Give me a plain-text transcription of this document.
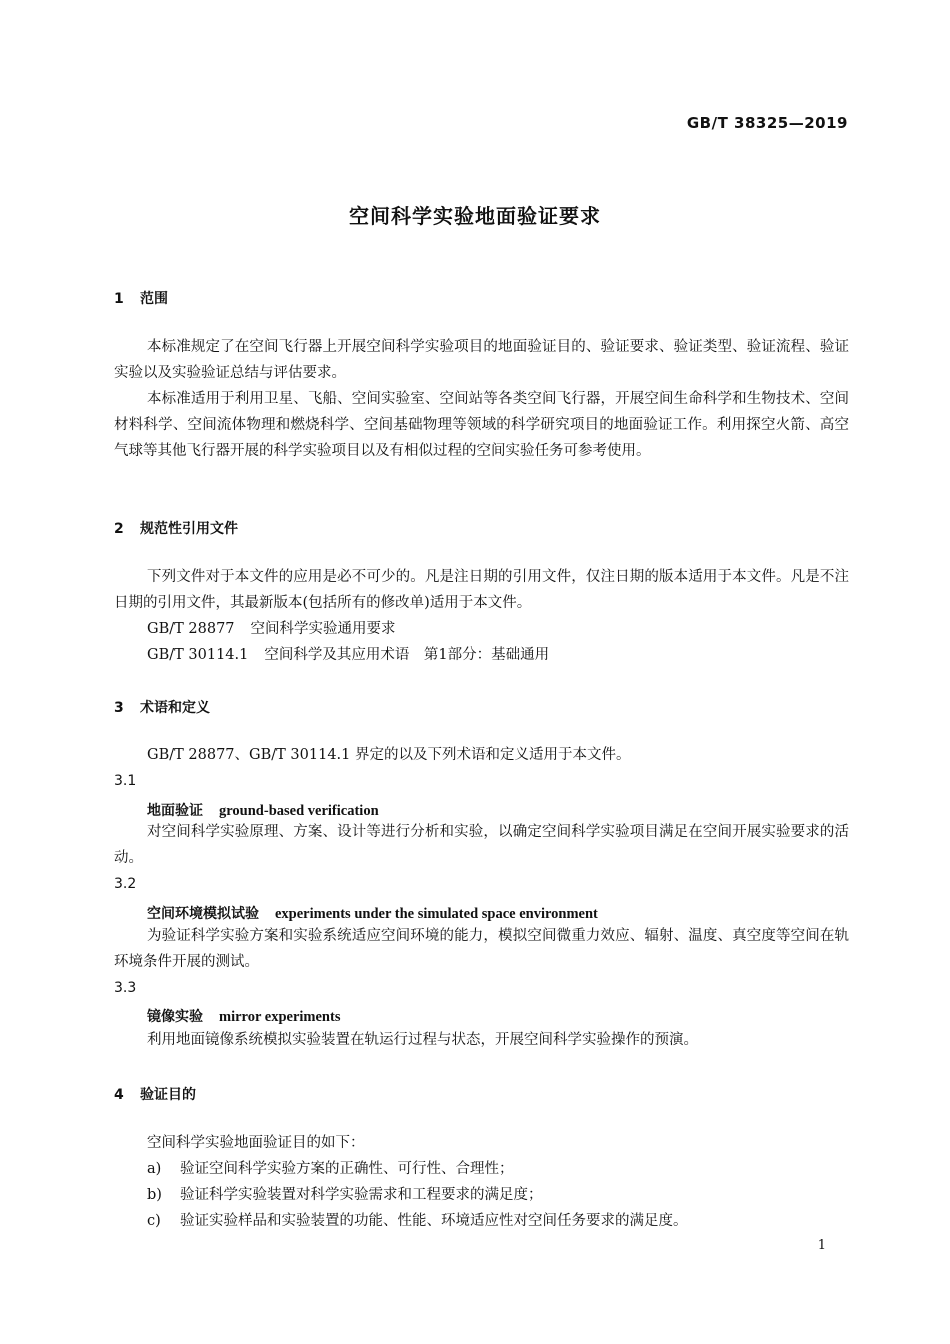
GB/T 38325—2019
空间科学实验地面验证要求
1 范围
本标准规定了在空间飞行器上开展空间科学实验项目的地面验证目的、验证要求、验证类型、验证流程、验证实验以及实验验证总结与评估要求。
本标准适用于利用卫星、飞船、空间实验室、空间站等各类空间飞行器，开展空间生命科学和生物技术、空间材料科学、空间流体物理和燃烧科学、空间基础物理等领域的科学研究项目的地面验证工作。利用探空火箭、高空气球等其他飞行器开展的科学实验项目以及有相似过程的空间实验任务可参考使用。
2 规范性引用文件
下列文件对于本文件的应用是必不可少的。凡是注日期的引用文件，仅注日期的版本适用于本文件。凡是不注日期的引用文件，其最新版本(包括所有的修改单)适用于本文件。
GB/T 28877 空间科学实验通用要求
GB/T 30114.1 空间科学及其应用术语　第1部分：基础通用
3 术语和定义
GB/T 28877、GB/T 30114.1 界定的以及下列术语和定义适用于本文件。
3.1
地面验证 ground-based verification
对空间科学实验原理、方案、设计等进行分析和实验，以确定空间科学实验项目满足在空间开展实验要求的活动。
3.2
空间环境模拟试验 experiments under the simulated space environment
为验证科学实验方案和实验系统适应空间环境的能力，模拟空间微重力效应、辐射、温度、真空度等空间在轨环境条件开展的测试。
3.3
镜像实验 mirror experiments
利用地面镜像系统模拟实验装置在轨运行过程与状态，开展空间科学实验操作的预演。
4 验证目的
空间科学实验地面验证目的如下：
a) 验证空间科学实验方案的正确性、可行性、合理性；
b) 验证科学实验装置对科学实验需求和工程要求的满足度；
c) 验证实验样品和实验装置的功能、性能、环境适应性对空间任务要求的满足度。
1
